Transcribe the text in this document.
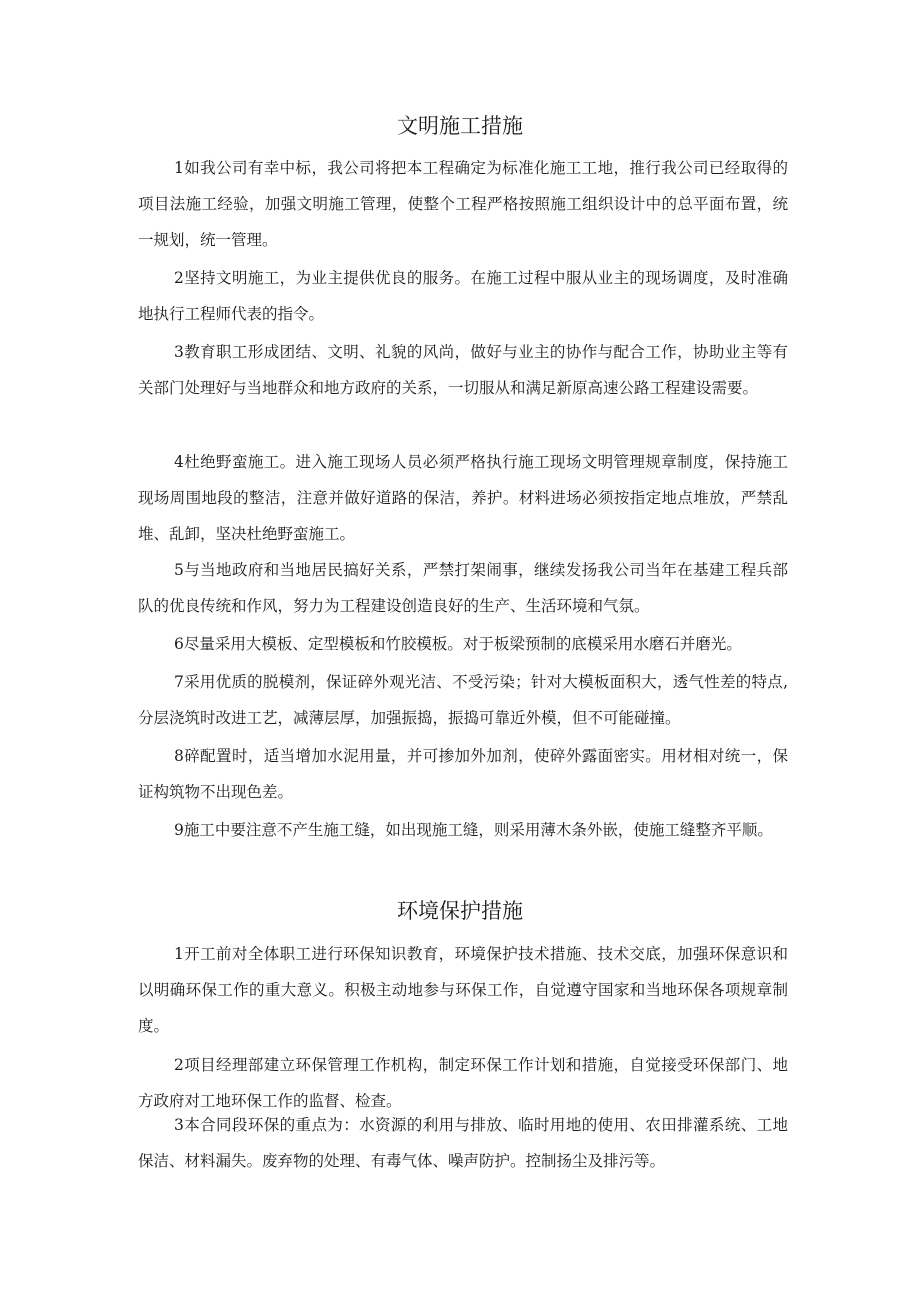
文明施工措施

1如我公司有幸中标，我公司将把本工程确定为标准化施工工地，推行我公司已经取得的项目法施工经验，加强文明施工管理，使整个工程严格按照施工组织设计中的总平面布置，统一规划，统一管理。

2坚持文明施工，为业主提供优良的服务。在施工过程中服从业主的现场调度，及时准确地执行工程师代表的指令。

3教育职工形成团结、文明、礼貌的风尚，做好与业主的协作与配合工作，协助业主等有关部门处理好与当地群众和地方政府的关系，一切服从和满足新原高速公路工程建设需要。

4杜绝野蛮施工。进入施工现场人员必须严格执行施工现场文明管理规章制度，保持施工现场周围地段的整洁，注意并做好道路的保洁，养护。材料进场必须按指定地点堆放，严禁乱堆、乱卸，坚决杜绝野蛮施工。

5与当地政府和当地居民搞好关系，严禁打架闹事，继续发扬我公司当年在基建工程兵部队的优良传统和作风，努力为工程建设创造良好的生产、生活环境和气氛。

6尽量采用大模板、定型模板和竹胶模板。对于板梁预制的底模采用水磨石并磨光。

7采用优质的脱模剂，保证碎外观光洁、不受污染；针对大模板面积大，透气性差的特点,分层浇筑时改进工艺，减薄层厚，加强振捣，振捣可靠近外模，但不可能碰撞。

8碎配置时，适当增加水泥用量，并可掺加外加剂，使碎外露面密实。用材相对统一，保证构筑物不出现色差。

9施工中要注意不产生施工缝，如出现施工缝，则采用薄木条外嵌，使施工缝整齐平顺。

环境保护措施

1开工前对全体职工进行环保知识教育，环境保护技术措施、技术交底，加强环保意识和以明确环保工作的重大意义。积极主动地参与环保工作，自觉遵守国家和当地环保各项规章制度。

2项目经理部建立环保管理工作机构，制定环保工作计划和措施，自觉接受环保部门、地方政府对工地环保工作的监督、检查。

3本合同段环保的重点为：水资源的利用与排放、临时用地的使用、农田排灌系统、工地保洁、材料漏失。废弃物的处理、有毒气体、噪声防护。控制扬尘及排污等。
